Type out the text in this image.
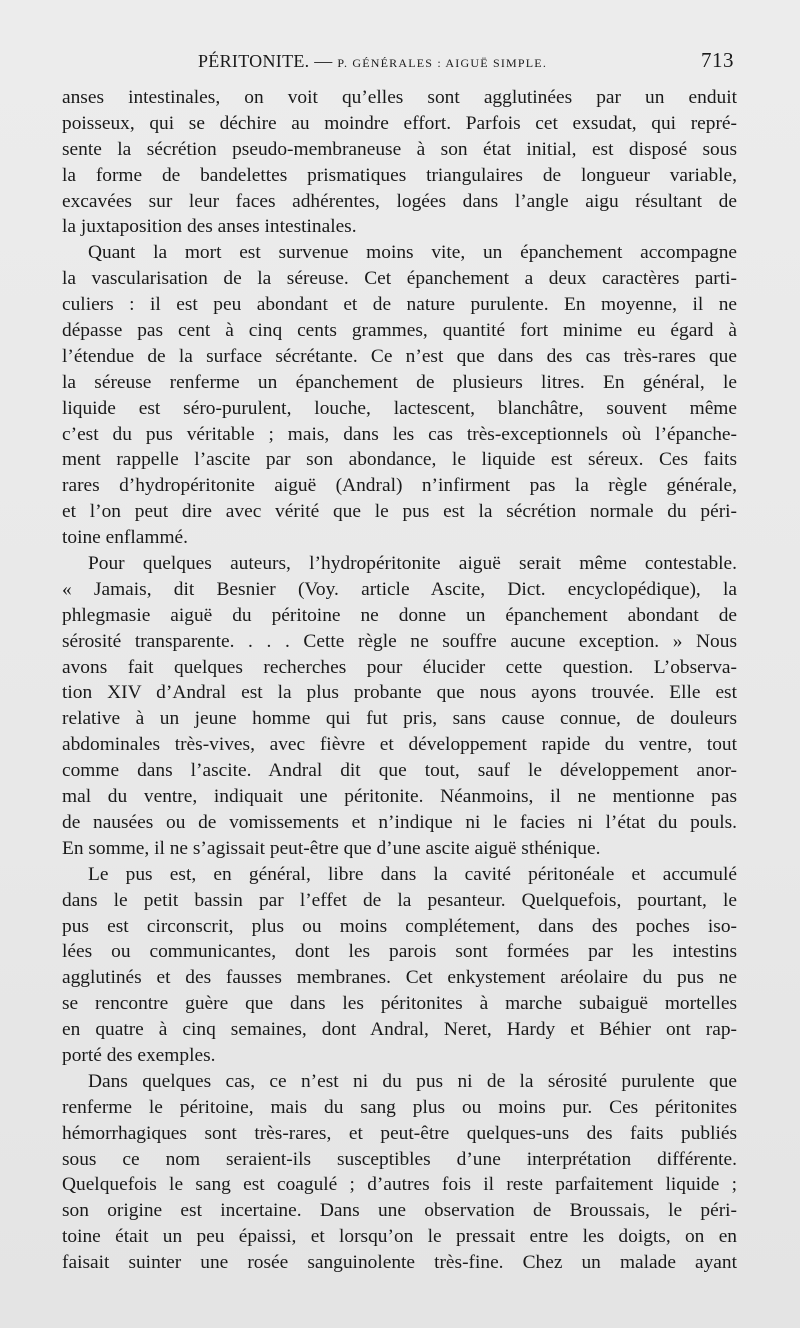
PÉRITONITE. — P. GÉNÉRALES : AIGUË SIMPLE.	713
anses intestinales, on voit qu’elles sont agglutinées par un enduit
poisseux, qui se déchire au moindre effort. Parfois cet exsudat, qui repré-
sente la sécrétion pseudo-membraneuse à son état initial, est disposé sous
la forme de bandelettes prismatiques triangulaires de longueur variable,
excavées sur leur faces adhérentes, logées dans l’angle aigu résultant de
la juxtaposition des anses intestinales.
Quant la mort est survenue moins vite, un épanchement accompagne
la vascularisation de la séreuse. Cet épanchement a deux caractères parti-
culiers : il est peu abondant et de nature purulente. En moyenne, il ne
dépasse pas cent à cinq cents grammes, quantité fort minime eu égard à
l’étendue de la surface sécrétante. Ce n’est que dans des cas très-rares que
la séreuse renferme un épanchement de plusieurs litres. En général, le
liquide est séro-purulent, louche, lactescent, blanchâtre, souvent même
c’est du pus véritable ; mais, dans les cas très-exceptionnels où l’épanche-
ment rappelle l’ascite par son abondance, le liquide est séreux. Ces faits
rares d’hydropéritonite aiguë (Andral) n’infirment pas la règle générale,
et l’on peut dire avec vérité que le pus est la sécrétion normale du péri-
toine enflammé.
Pour quelques auteurs, l’hydropéritonite aiguë serait même contestable.
« Jamais, dit Besnier (Voy. article Ascite, Dict. encyclopédique), la
phlegmasie aiguë du péritoine ne donne un épanchement abondant de
sérosité transparente. . . . Cette règle ne souffre aucune exception. » Nous
avons fait quelques recherches pour élucider cette question. L’observa-
tion XIV d’Andral est la plus probante que nous ayons trouvée. Elle est
relative à un jeune homme qui fut pris, sans cause connue, de douleurs
abdominales très-vives, avec fièvre et développement rapide du ventre, tout
comme dans l’ascite. Andral dit que tout, sauf le développement anor-
mal du ventre, indiquait une péritonite. Néanmoins, il ne mentionne pas
de nausées ou de vomissements et n’indique ni le facies ni l’état du pouls.
En somme, il ne s’agissait peut-être que d’une ascite aiguë sthénique.
Le pus est, en général, libre dans la cavité péritonéale et accumulé
dans le petit bassin par l’effet de la pesanteur. Quelquefois, pourtant, le
pus est circonscrit, plus ou moins complétement, dans des poches iso-
lées ou communicantes, dont les parois sont formées par les intestins
agglutinés et des fausses membranes. Cet enkystement aréolaire du pus ne
se rencontre guère que dans les péritonites à marche subaiguë mortelles
en quatre à cinq semaines, dont Andral, Neret, Hardy et Béhier ont rap-
porté des exemples.
Dans quelques cas, ce n’est ni du pus ni de la sérosité purulente que
renferme le péritoine, mais du sang plus ou moins pur. Ces péritonites
hémorrhagiques sont très-rares, et peut-être quelques-uns des faits publiés
sous ce nom seraient-ils susceptibles d’une interprétation différente.
Quelquefois le sang est coagulé ; d’autres fois il reste parfaitement liquide ;
son origine est incertaine. Dans une observation de Broussais, le péri-
toine était un peu épaissi, et lorsqu’on le pressait entre les doigts, on en
faisait suinter une rosée sanguinolente très-fine. Chez un malade ayant
